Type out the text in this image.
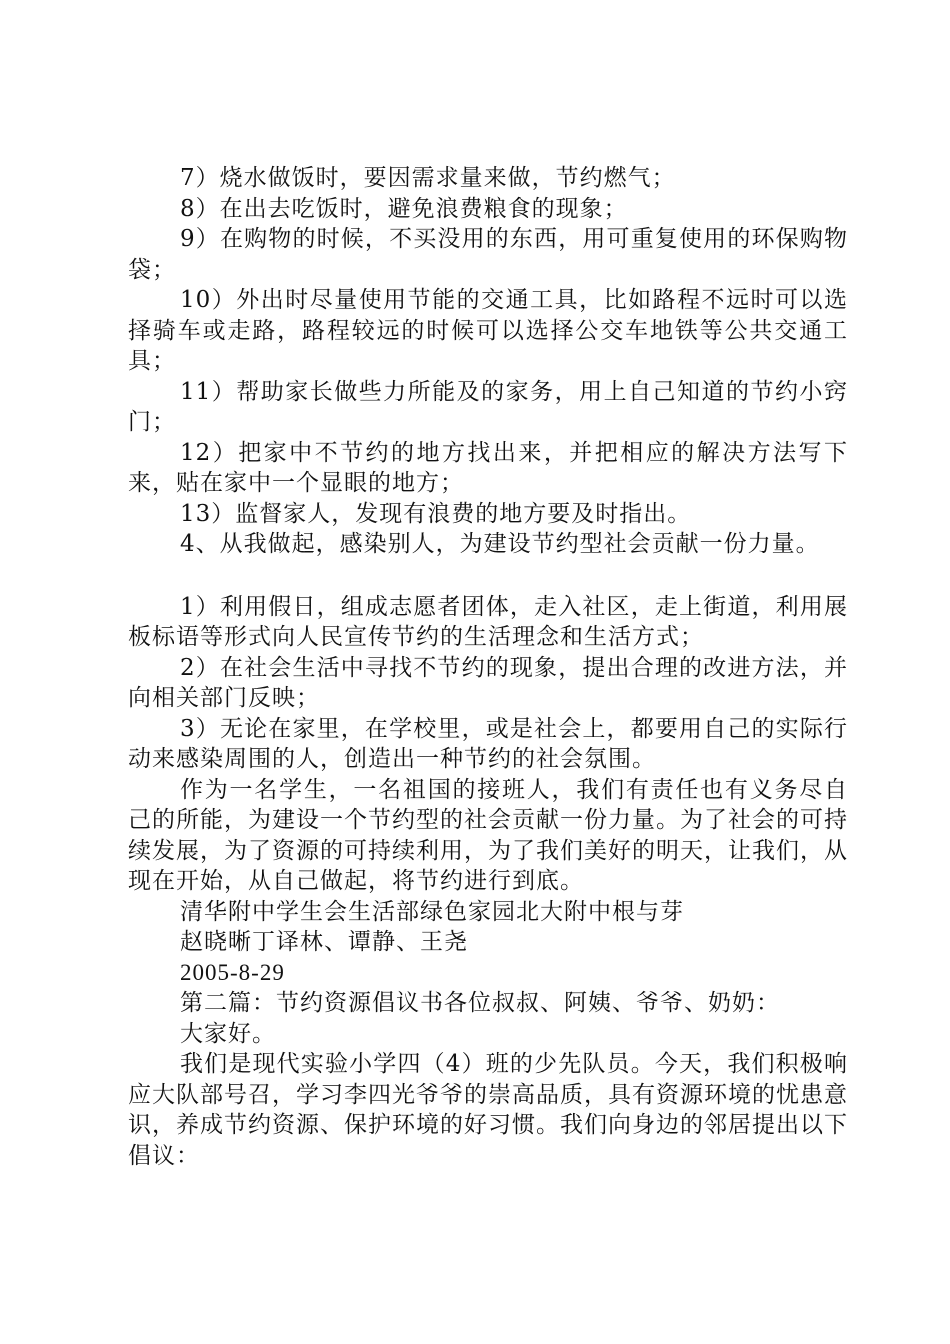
7）烧水做饭时，要因需求量来做，节约燃气；

8）在出去吃饭时，避免浪费粮食的现象；

9）在购物的时候，不买没用的东西，用可重复使用的环保购物袋；

10）外出时尽量使用节能的交通工具，比如路程不远时可以选择骑车或走路，路程较远的时候可以选择公交车地铁等公共交通工具；

11）帮助家长做些力所能及的家务，用上自己知道的节约小窍门；

12）把家中不节约的地方找出来，并把相应的解决方法写下来，贴在家中一个显眼的地方；

13）监督家人，发现有浪费的地方要及时指出。

4、从我做起，感染别人，为建设节约型社会贡献一份力量。

1）利用假日，组成志愿者团体，走入社区，走上街道，利用展板标语等形式向人民宣传节约的生活理念和生活方式；

2）在社会生活中寻找不节约的现象，提出合理的改进方法，并向相关部门反映；

3）无论在家里，在学校里，或是社会上，都要用自己的实际行动来感染周围的人，创造出一种节约的社会氛围。

作为一名学生，一名祖国的接班人，我们有责任也有义务尽自己的所能，为建设一个节约型的社会贡献一份力量。为了社会的可持续发展，为了资源的可持续利用，为了我们美好的明天，让我们，从现在开始，从自己做起，将节约进行到底。

清华附中学生会生活部绿色家园北大附中根与芽

赵晓晰丁译林、谭静、王尧

2005-8-29

第二篇：节约资源倡议书各位叔叔、阿姨、爷爷、奶奶：

大家好。

我们是现代实验小学四（4）班的少先队员。今天，我们积极响应大队部号召，学习李四光爷爷的崇高品质，具有资源环境的忧患意识，养成节约资源、保护环境的好习惯。我们向身边的邻居提出以下倡议：
